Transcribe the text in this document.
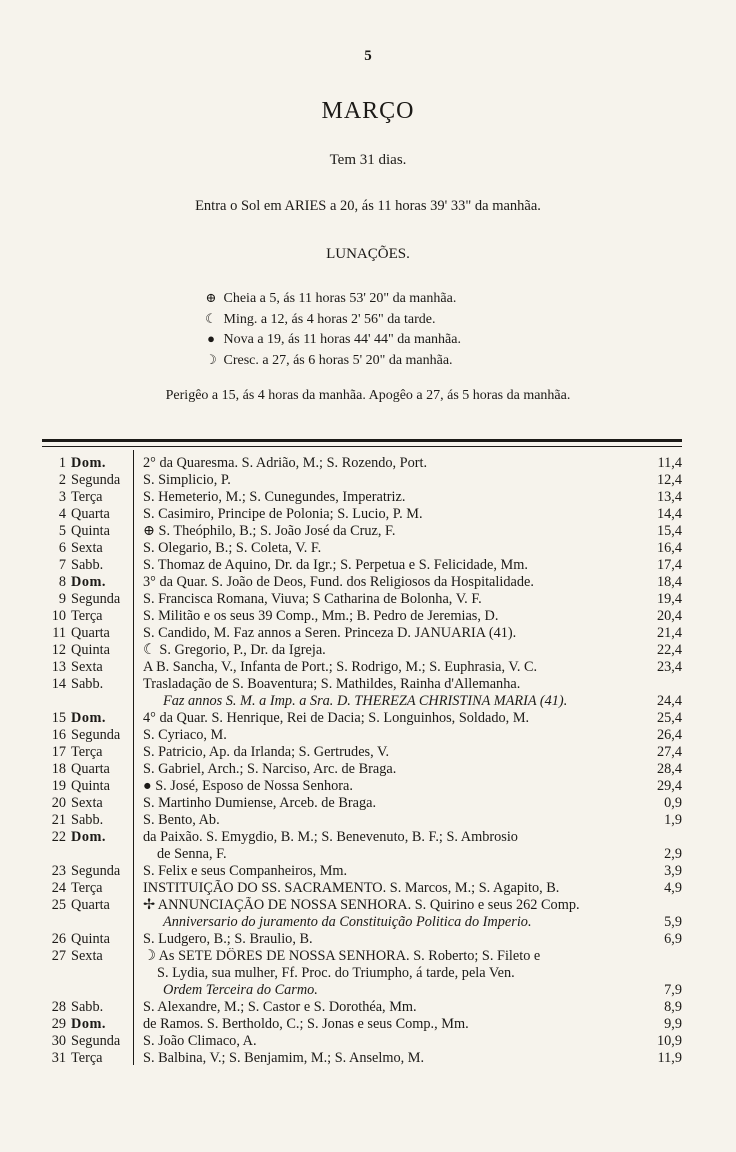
5
MARÇO
Tem 31 dias.
Entra o Sol em ARIES a 20, ás 11 horas 39' 33" da manhãa.
LUNAÇÕES.
⊕ Cheia a 5, ás 11 horas 53' 20" da manhãa.
☾ Ming. a 12, ás 4 horas 2' 56" da tarde.
● Nova a 19, ás 11 horas 44' 44" da manhãa.
☽ Cresc. a 27, ás 6 horas 5' 20" da manhãa.
Perigêo a 15, ás 4 horas da manhãa. Apogêo a 27, ás 5 horas da manhãa.
1 Dom.	2° da Quaresma. S. Adrião, M.; S. Rozendo, Port.	11,4
2 Segunda	S. Simplicio, P.	12,4
3 Terça	S. Hemeterio, M.; S. Cunegundes, Imperatriz.	13,4
4 Quarta	S. Casimiro, Principe de Polonia; S. Lucio, P. M.	14,4
5 Quinta	⊕ S. Theóphilo, B.; S. João José da Cruz, F.	15,4
6 Sexta	S. Olegario, B.; S. Coleta, V. F.	16,4
7 Sabb.	S. Thomaz de Aquino, Dr. da Igr.; S. Perpetua e S. Felicidade, Mm.	17,4
8 Dom.	3° da Quar. S. João de Deos, Fund. dos Religiosos da Hospitalidade.	18,4
9 Segunda	S. Francisca Romana, Viuva; S Catharina de Bolonha, V. F.	19,4
10 Terça	S. Militão e os seus 39 Comp., Mm.; B. Pedro de Jeremias, D.	20,4
11 Quarta	S. Candido, M. Faz annos a Seren. Princeza D. JANUARIA (41).	21,4
12 Quinta	☾ S. Gregorio, P., Dr. da Igreja.	22,4
13 Sexta	A B. Sancha, V., Infanta de Port.; S. Rodrigo, M.; S. Euphrasia, V. C.	23,4
14 Sabb.	Trasladação de S. Boaventura; S. Mathildes, Rainha d'Allemanha.
Faz annos S. M. a Imp. a Sra. D. THEREZA CHRISTINA MARIA (41).	24,4
15 Dom.	4° da Quar. S. Henrique, Rei de Dacia; S. Longuinhos, Soldado, M.	25,4
16 Segunda	S. Cyriaco, M.	26,4
17 Terça	S. Patricio, Ap. da Irlanda; S. Gertrudes, V.	27,4
18 Quarta	S. Gabriel, Arch.; S. Narciso, Arc. de Braga.	28,4
19 Quinta	● S. José, Esposo de Nossa Senhora.	29,4
20 Sexta	S. Martinho Dumiense, Arceb. de Braga.	0,9
21 Sabb.	S. Bento, Ab.	1,9
22 Dom.	da Paixão. S. Emygdio, B. M.; S. Benevenuto, B. F.; S. Ambrosio
de Senna, F.	2,9
23 Segunda	S. Felix e seus Companheiros, Mm.	3,9
24 Terça	INSTITUIÇÃO DO SS. SACRAMENTO. S. Marcos, M.; S. Agapito, B.	4,9
25 Quarta	✢ ANNUNCIAÇÃO DE NOSSA SENHORA. S. Quirino e seus 262 Comp.
Anniversario do juramento da Constituição Politica do Imperio.	5,9
26 Quinta	S. Ludgero, B.; S. Braulio, B.	6,9
27 Sexta	☽ As SETE DÔRES DE NOSSA SENHORA. S. Roberto; S. Fileto e
S. Lydia, sua mulher, Ff. Proc. do Triumpho, á tarde, pela Ven.
Ordem Terceira do Carmo.	7,9
28 Sabb.	S. Alexandre, M.; S. Castor e S. Dorothéa, Mm.	8,9
29 Dom.	de Ramos. S. Bertholdo, C.; S. Jonas e seus Comp., Mm.	9,9
30 Segunda	S. João Climaco, A.	10,9
31 Terça	S. Balbina, V.; S. Benjamim, M.; S. Anselmo, M.	11,9
